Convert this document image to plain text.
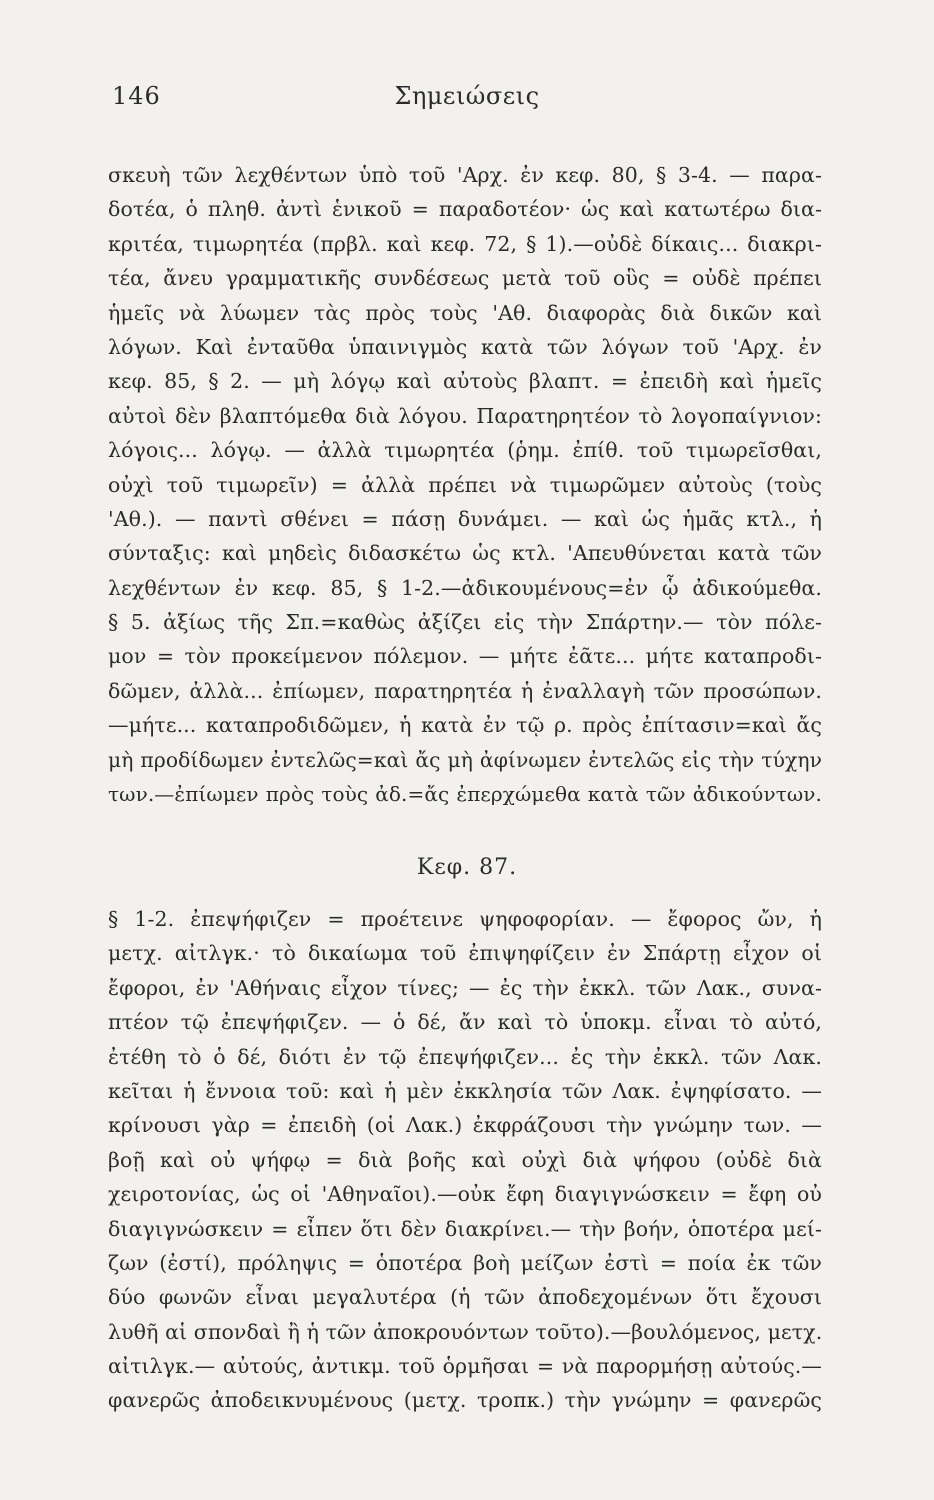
146	Σημειώσεις
σκευὴ τῶν λεχθέντων ὑπὸ τοῦ 'Αρχ. ἐν κεφ. 80, § 3-4. — παρα-
δοτέα, ὁ πληθ. ἀντὶ ἑνικοῦ = παραδοτέον· ὡς καὶ κατωτέρω δια-
κριτέα, τιμωρητέα (πρβλ. καὶ κεφ. 72, § 1).—οὐδὲ δίκαις... διακρι-
τέα, ἄνευ γραμματικῆς συνδέσεως μετὰ τοῦ οὓς = οὐδὲ πρέπει
ἡμεῖς νὰ λύωμεν τὰς πρὸς τοὺς 'Αθ. διαφορὰς διὰ δικῶν καὶ
λόγων. Καὶ ἐνταῦθα ὑπαινιγμὸς κατὰ τῶν λόγων τοῦ 'Αρχ. ἐν
κεφ. 85, § 2. — μὴ λόγῳ καὶ αὐτοὺς βλαπτ. = ἐπειδὴ καὶ ἡμεῖς
αὐτοὶ δὲν βλαπτόμεθα διὰ λόγου. Παρατηρητέον τὸ λογοπαίγνιον:
λόγοις... λόγῳ. — ἀλλὰ τιμωρητέα (ῥημ. ἐπίθ. τοῦ τιμωρεῖσθαι,
οὐχὶ τοῦ τιμωρεῖν) = ἀλλὰ πρέπει νὰ τιμωρῶμεν αὐτοὺς (τοὺς
'Αθ.). — παντὶ σθένει = πάσῃ δυνάμει. — καὶ ὡς ἡμᾶς κτλ., ἡ
σύνταξις: καὶ μηδεὶς διδασκέτω ὡς κτλ. 'Απευθύνεται κατὰ τῶν
λεχθέντων ἐν κεφ. 85, § 1-2.—ἀδικουμένους=ἐν ᾧ ἀδικούμεθα.
§ 5. ἀξίως τῆς Σπ.=καθὼς ἀξίζει εἰς τὴν Σπάρτην.— τὸν πόλε-
μον = τὸν προκείμενον πόλεμον. — μήτε ἐᾶτε... μήτε καταπροδι-
δῶμεν, ἀλλὰ... ἐπίωμεν, παρατηρητέα ἡ ἐναλλαγὴ τῶν προσώπων.
—μήτε... καταπροδιδῶμεν, ἡ κατὰ ἐν τῷ ρ. πρὸς ἐπίτασιν=καὶ ἄς
μὴ προδίδωμεν ἐντελῶς=καὶ ἄς μὴ ἀφίνωμεν ἐντελῶς εἰς τὴν τύχην
των.—ἐπίωμεν πρὸς τοὺς ἀδ.=ἄς ἐπερχώμεθα κατὰ τῶν ἀδικούντων.
Κεφ. 87.
§ 1-2. ἐπεψήφιζεν = προέτεινε ψηφοφορίαν. — ἔφορος ὤν, ἡ
μετχ. αἰτλγκ.· τὸ δικαίωμα τοῦ ἐπιψηφίζειν ἐν Σπάρτῃ εἶχον οἱ
ἔφοροι, ἐν 'Αθήναις εἶχον τίνες; — ἐς τὴν ἐκκλ. τῶν Λακ., συνα-
πτέον τῷ ἐπεψήφιζεν. — ὁ δέ, ἄν καὶ τὸ ὑποκμ. εἶναι τὸ αὐτό,
ἐτέθη τὸ ὁ δέ, διότι ἐν τῷ ἐπεψήφιζεν... ἐς τὴν ἐκκλ. τῶν Λακ.
κεῖται ἡ ἔννοια τοῦ: καὶ ἡ μὲν ἐκκλησία τῶν Λακ. ἐψηφίσατο. —
κρίνουσι γὰρ = ἐπειδὴ (οἱ Λακ.) ἐκφράζουσι τὴν γνώμην των. —
βοῇ καὶ οὐ ψήφῳ = διὰ βοῆς καὶ οὐχὶ διὰ ψήφου (οὐδὲ διὰ
χειροτονίας, ὡς οἱ 'Αθηναῖοι).—οὐκ ἔφη διαγιγνώσκειν = ἔφη οὐ
διαγιγνώσκειν = εἶπεν ὅτι δὲν διακρίνει.— τὴν βοήν, ὁποτέρα μεί-
ζων (ἐστί), πρόληψις = ὁποτέρα βοὴ μείζων ἐστὶ = ποία ἐκ τῶν
δύο φωνῶν εἶναι μεγαλυτέρα (ἡ τῶν ἀποδεχομένων ὅτι ἔχουσι
λυθῆ αἱ σπονδαὶ ἢ ἡ τῶν ἀποκρουόντων τοῦτο).—βουλόμενος, μετχ.
αἰτιλγκ.— αὐτούς, ἀντικμ. τοῦ ὁρμῆσαι = νὰ παρορμήσῃ αὐτούς.—
φανερῶς ἀποδεικνυμένους (μετχ. τροπκ.) τὴν γνώμην = φανερῶς
